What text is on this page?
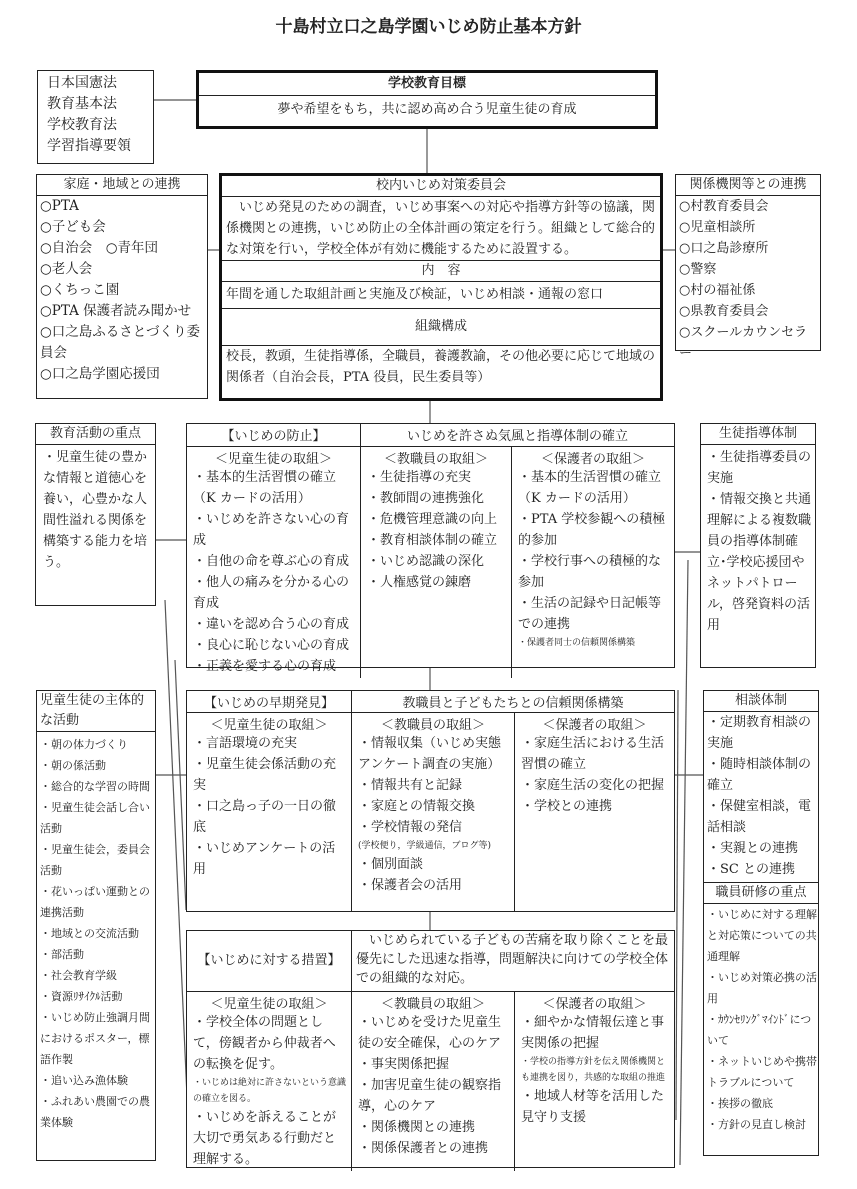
十島村立口之島学園いじめ防止基本方針
日本国憲法
教育基本法
学校教育法
学習指導要領
学校教育目標
夢や希望をもち，共に認め高め合う児童生徒の育成
家庭・地域との連携
○PTA
○子ども会
○自治会　○青年団
○老人会
○くちっこ園
○PTA 保護者読み聞かせ
○口之島ふるさとづくり委員会
○口之島学園応援団
校内いじめ対策委員会
いじめ発見のための調査，いじめ事案への対応や指導方針等の協議，関係機関との連携，いじめ防止の全体計画の策定を行う。組織として総合的な対策を行い，学校全体が有効に機能するために設置する。
内　容
年間を通した取組計画と実施及び検証，いじめ相談・通報の窓口
組織構成
校長，教頭，生徒指導係，全職員，養護教諭，その他必要に応じて地域の関係者（自治会長，PTA 役員，民生委員等）
関係機関等との連携
○村教育委員会
○児童相談所
○口之島診療所
○警察
○村の福祉係
○県教育委員会
○スクールカウンセラー
教育活動の重点
・児童生徒の豊かな情報と道徳心を養い，心豊かな人間性溢れる関係を構築する能力を培う。
【いじめの防止】	いじめを許さぬ気風と指導体制の確立
＜児童生徒の取組＞
・基本的生活習慣の確立（K カードの活用）
・いじめを許さない心の育成
・自他の命を尊ぶ心の育成
・他人の痛みを分かる心の育成
・違いを認め合う心の育成
・良心に恥じない心の育成
・正義を愛する心の育成
＜教職員の取組＞
・生徒指導の充実
・教師間の連携強化
・危機管理意識の向上
・教育相談体制の確立
・いじめ認識の深化
・人権感覚の錬磨
＜保護者の取組＞
・基本的生活習慣の確立（K カードの活用）
・PTA 学校参観への積極的参加
・学校行事への積極的な参加
・生活の記録や日記帳等での連携
・保護者同士の信頼関係構築
生徒指導体制
・生徒指導委員の実施
・情報交換と共通理解による複数職員の指導体制確立･学校応援団やネットパトロール，啓発資料の活用
児童生徒の主体的な活動
・朝の体力づくり
・朝の係活動
・総合的な学習の時間
・児童生徒会話し合い活動
・児童生徒会，委員会活動
・花いっぱい運動との連携活動
・地域との交流活動
・部活動
・社会教育学級
・資源ﾘｻｲｸﾙ活動
・いじめ防止強調月間におけるポスター，標語作製
・追い込み漁体験
・ふれあい農園での農業体験
【いじめの早期発見】	教職員と子どもたちとの信頼関係構築
＜児童生徒の取組＞
・言語環境の充実
・児童生徒会係活動の充実
・口之島っ子の一日の徹底
・いじめアンケートの活用
＜教職員の取組＞
・情報収集（いじめ実態アンケート調査の実施）
・情報共有と記録
・家庭との情報交換
・学校情報の発信
(学校便り，学級通信，ブログ等)
・個別面談
・保護者会の活用
＜保護者の取組＞
・家庭生活における生活習慣の確立
・家庭生活の変化の把握
・学校との連携
相談体制
・定期教育相談の実施
・随時相談体制の確立
・保健室相談，電話相談
・実親との連携
・SC との連携
職員研修の重点
・いじめに対する理解と対応策についての共通理解
・いじめ対策必携の活用
・ｶｳﾝｾﾘﾝｸﾞﾏｲﾝﾄﾞについて
・ネットいじめや携帯トラブルについて
・挨拶の徹底
・方針の見直し検討
【いじめに対する措置】
いじめられている子どもの苦痛を取り除くことを最優先にした迅速な指導，問題解決に向けての学校全体での組織的な対応。
＜児童生徒の取組＞
・学校全体の問題として，傍観者から仲裁者への転換を促す。
・いじめは絶対に許さないという意識の確立を図る。
・いじめを訴えることが大切で勇気ある行動だと理解する。
＜教職員の取組＞
・いじめを受けた児童生徒の安全確保，心のケア
・事実関係把握
・加害児童生徒の観察指導，心のケア
・関係機関との連携
・関係保護者との連携
＜保護者の取組＞
・細やかな情報伝達と事実関係の把握
・学校の指導方針を伝え関係機関とも連携を図り，共感的な取組の推進
・地域人材等を活用した見守り支援
